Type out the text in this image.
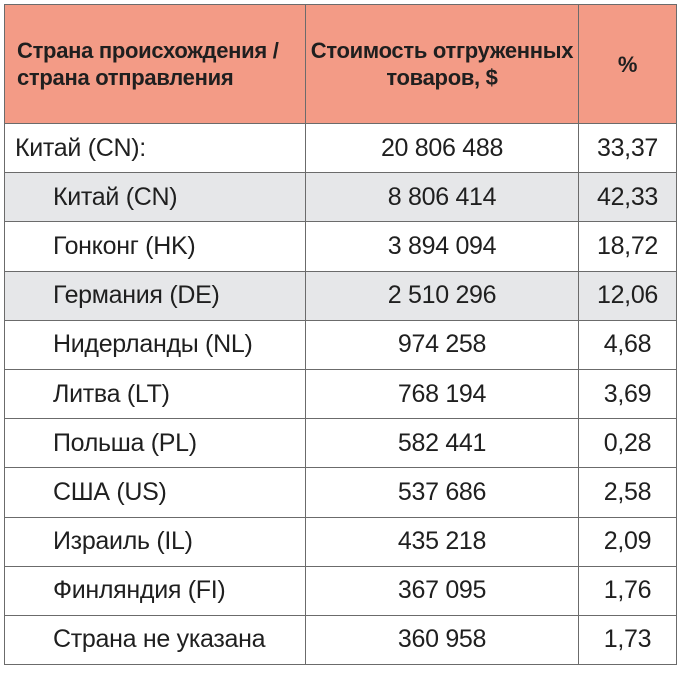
Страна происхождения / страна отправления	Стоимость отгруженных товаров, $	%
Китай (CN):	20 806 488	33,37
Китай (CN)	8 806 414	42,33
Гонконг (HK)	3 894 094	18,72
Германия (DE)	2 510 296	12,06
Нидерланды (NL)	974 258	4,68
Литва (LT)	768 194	3,69
Польша (PL)	582 441	0,28
США (US)	537 686	2,58
Израиль (IL)	435 218	2,09
Финляндия (FI)	367 095	1,76
Страна не указана	360 958	1,73
